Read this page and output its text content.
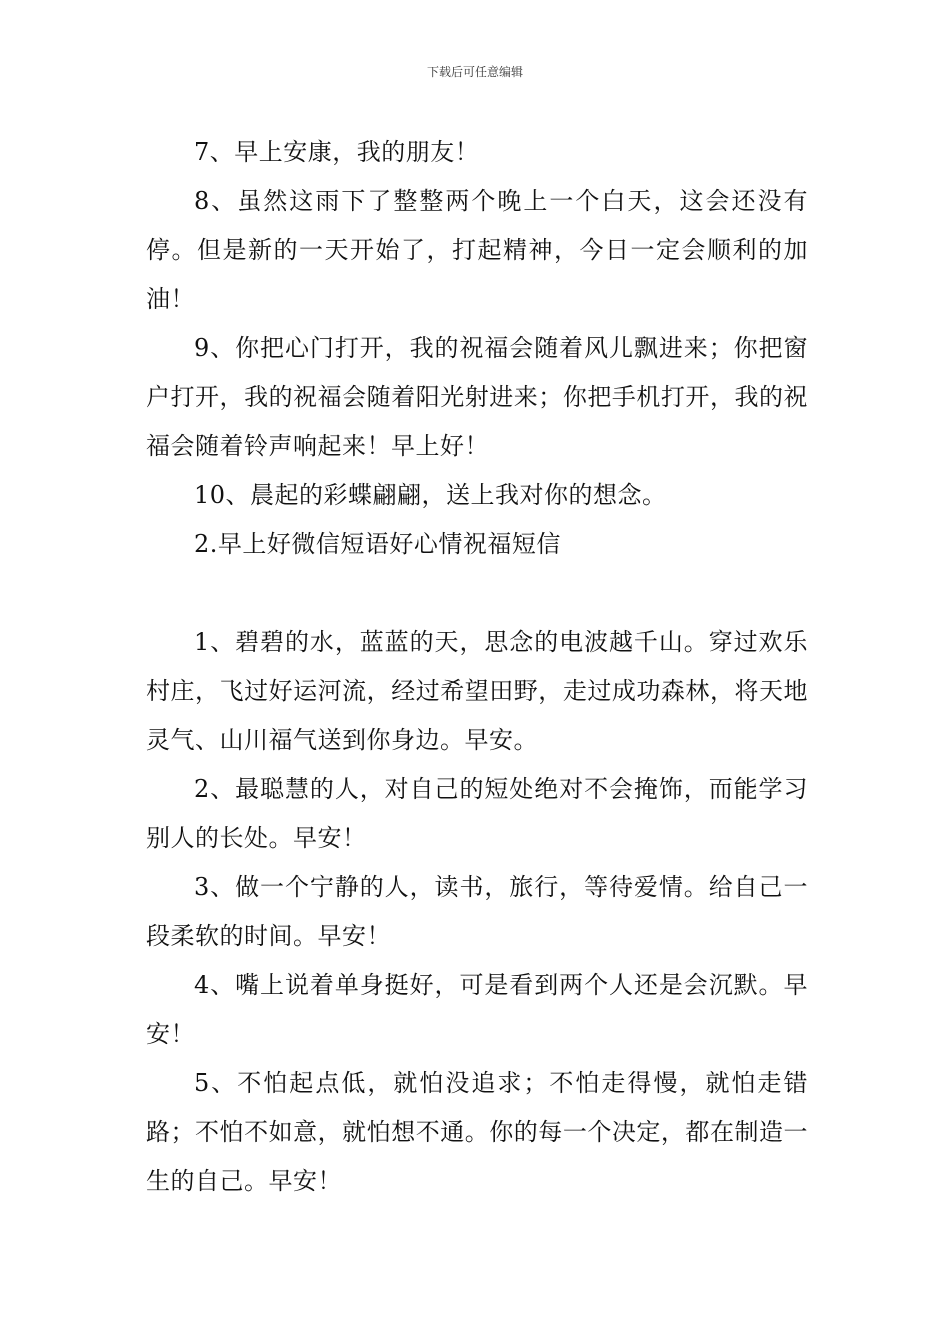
下载后可任意编辑

7、早上安康，我的朋友！

8、虽然这雨下了整整两个晚上一个白天，这会还没有停。但是新的一天开始了，打起精神，今日一定会顺利的加油！

9、你把心门打开，我的祝福会随着风儿飘进来；你把窗户打开，我的祝福会随着阳光射进来；你把手机打开，我的祝福会随着铃声响起来！早上好！

10、晨起的彩蝶翩翩，送上我对你的想念。

2.早上好微信短语好心情祝福短信

1、碧碧的水，蓝蓝的天，思念的电波越千山。穿过欢乐村庄，飞过好运河流，经过希望田野，走过成功森林，将天地灵气、山川福气送到你身边。早安。

2、最聪慧的人，对自己的短处绝对不会掩饰，而能学习别人的长处。早安！

3、做一个宁静的人，读书，旅行，等待爱情。给自己一段柔软的时间。早安！

4、嘴上说着单身挺好，可是看到两个人还是会沉默。早安！

5、不怕起点低，就怕没追求；不怕走得慢，就怕走错路；不怕不如意，就怕想不通。你的每一个决定，都在制造一生的自己。早安！
